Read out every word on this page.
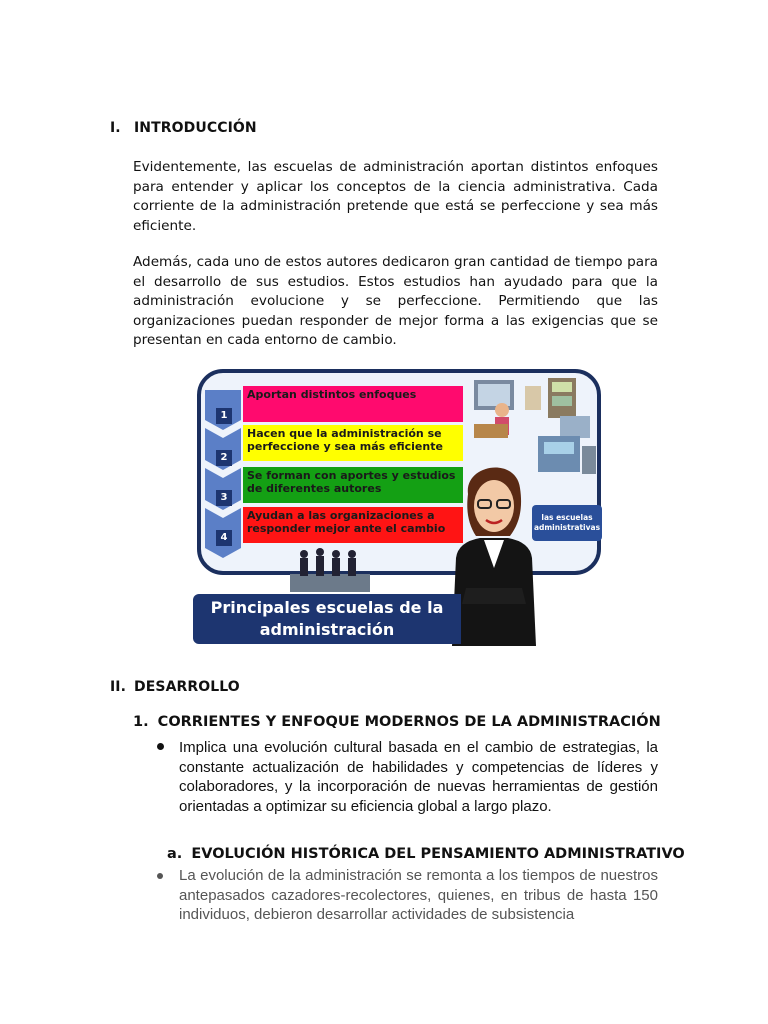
I. INTRODUCCIÓN

Evidentemente, las escuelas de administración aportan distintos enfoques para entender y aplicar los conceptos de la ciencia administrativa. Cada corriente de la administración pretende que está se perfeccione y sea más eficiente.

Además, cada uno de estos autores dedicaron gran cantidad de tiempo para el desarrollo de sus estudios. Estos estudios han ayudado para que la administración evolucione y se perfeccione. Permitiendo que las organizaciones puedan responder de mejor forma a las exigencias que se presentan en cada entorno de cambio.

1
2
3
4
Aportan distintos enfoques
Hacen que la administración se perfeccione y sea más eficiente
Se forman con aportes y estudios de diferentes autores
Ayudan a las organizaciones a responder mejor ante el cambio
las escuelas administrativas
Principales escuelas de la
administración
II. DESARROLLO
1. CORRIENTES Y ENFOQUE MODERNOS DE LA ADMINISTRACIÓN

Implica una evolución cultural basada en el cambio de estrategias, la constante actualización de habilidades y competencias de líderes y colaboradores, y la incorporación de nuevas herramientas de gestión orientadas a optimizar su eficiencia global a largo plazo.

a. EVOLUCIÓN HISTÓRICA DEL PENSAMIENTO ADMINISTRATIVO

La evolución de la administración se remonta a los tiempos de nuestros antepasados cazadores-recolectores, quienes, en tribus de hasta 150 individuos, debieron desarrollar actividades de subsistencia
